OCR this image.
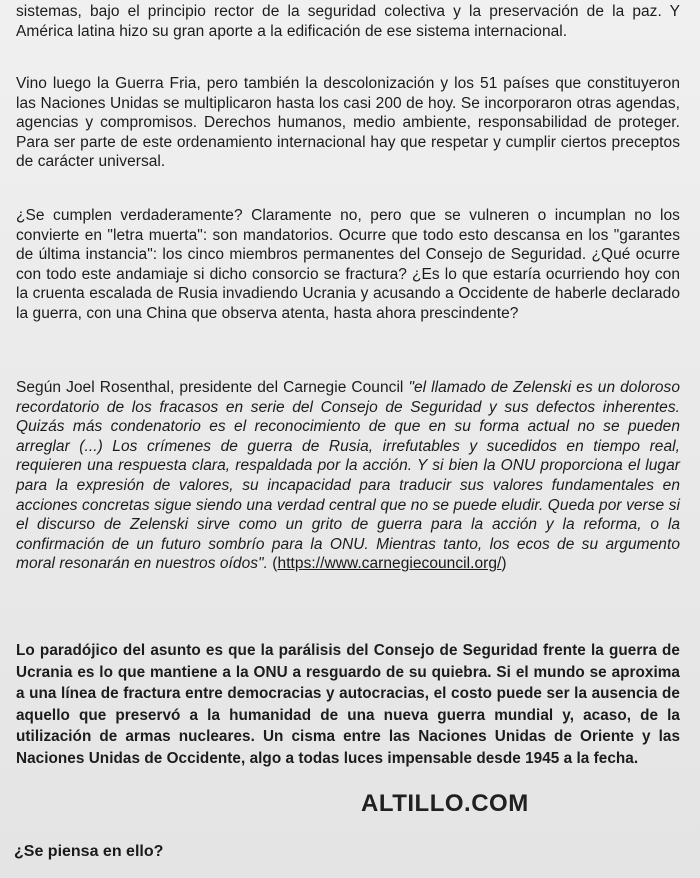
sistemas, bajo el principio rector de la seguridad colectiva y la preservación de la paz. Y América latina hizo su gran aporte a la edificación de ese sistema internacional.

Vino luego la Guerra Fria, pero también la descolonización y los 51 países que constituyeron las Naciones Unidas se multiplicaron hasta los casi 200 de hoy. Se incorporaron otras agendas, agencias y compromisos. Derechos humanos, medio ambiente, responsabilidad de proteger. Para ser parte de este ordenamiento internacional hay que respetar y cumplir ciertos preceptos de carácter universal.

¿Se cumplen verdaderamente? Claramente no, pero que se vulneren o incumplan no los convierte en "letra muerta": son mandatorios. Ocurre que todo esto descansa en los "garantes de última instancia": los cinco miembros permanentes del Consejo de Seguridad. ¿Qué ocurre con todo este andamiaje si dicho consorcio se fractura? ¿Es lo que estaría ocurriendo hoy con la cruenta escalada de Rusia invadiendo Ucrania y acusando a Occidente de haberle declarado la guerra, con una China que observa atenta, hasta ahora prescindente?

Según Joel Rosenthal, presidente del Carnegie Council "el llamado de Zelenski es un doloroso recordatorio de los fracasos en serie del Consejo de Seguridad y sus defectos inherentes. Quizás más condenatorio es el reconocimiento de que en su forma actual no se pueden arreglar (...) Los crímenes de guerra de Rusia, irrefutables y sucedidos en tiempo real, requieren una respuesta clara, respaldada por la acción. Y si bien la ONU proporciona el lugar para la expresión de valores, su incapacidad para traducir sus valores fundamentales en acciones concretas sigue siendo una verdad central que no se puede eludir. Queda por verse si el discurso de Zelenski sirve como un grito de guerra para la acción y la reforma, o la confirmación de un futuro sombrío para la ONU. Mientras tanto, los ecos de su argumento moral resonarán en nuestros oídos". (https://www.carnegiecouncil.org/)

Lo paradójico del asunto es que la parálisis del Consejo de Seguridad frente la guerra de Ucrania es lo que mantiene a la ONU a resguardo de su quiebra. Si el mundo se aproxima a una línea de fractura entre democracias y autocracias, el costo puede ser la ausencia de aquello que preservó a la humanidad de una nueva guerra mundial y, acaso, de la utilización de armas nucleares. Un cisma entre las Naciones Unidas de Oriente y las Naciones Unidas de Occidente, algo a todas luces impensable desde 1945 a la fecha.

ALTILLO.COM

¿Se piensa en ello?
